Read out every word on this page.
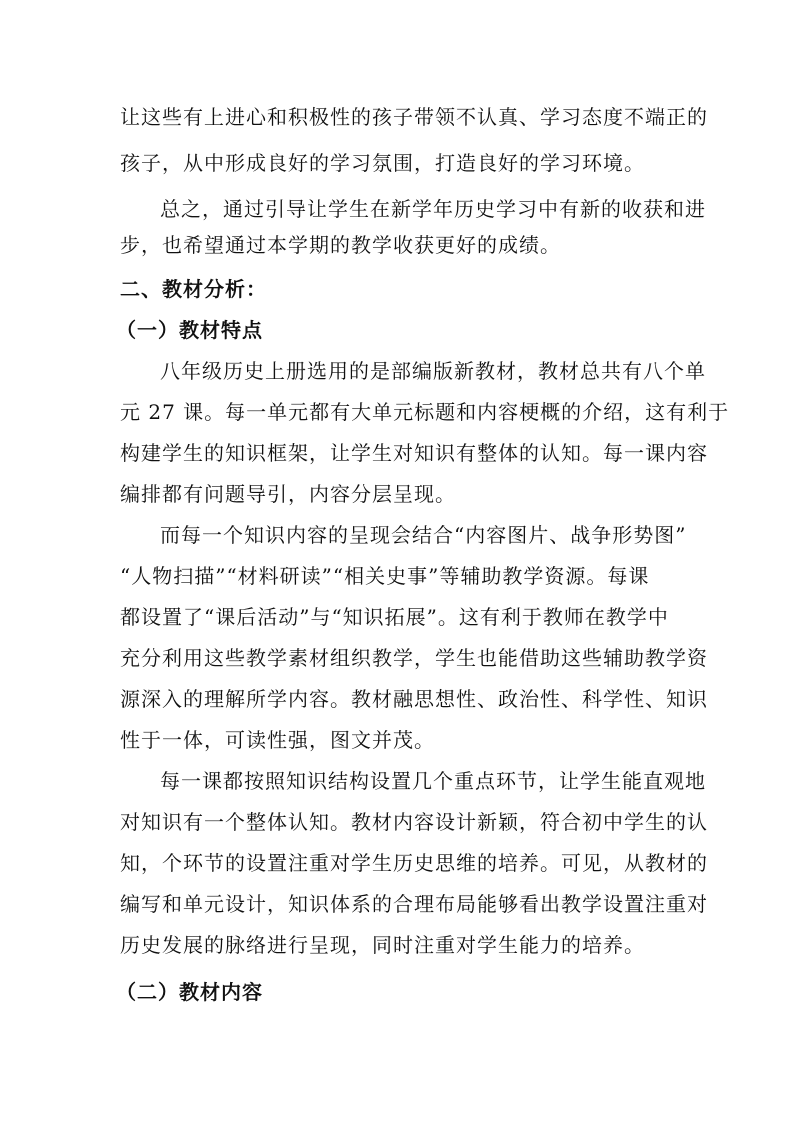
让这些有上进心和积极性的孩子带领不认真、学习态度不端正的
孩子，从中形成良好的学习氛围，打造良好的学习环境。
总之，通过引导让学生在新学年历史学习中有新的收获和进
步，也希望通过本学期的教学收获更好的成绩。
二、教材分析：
（一）教材特点
八年级历史上册选用的是部编版新教材，教材总共有八个单
元 27 课。每一单元都有大单元标题和内容梗概的介绍，这有利于
构建学生的知识框架，让学生对知识有整体的认知。每一课内容
编排都有问题导引，内容分层呈现。
而每一个知识内容的呈现会结合“内容图片、战争形势图”
“人物扫描”“材料研读”“相关史事”等辅助教学资源。每课
都设置了“课后活动”与“知识拓展”。这有利于教师在教学中
充分利用这些教学素材组织教学，学生也能借助这些辅助教学资
源深入的理解所学内容。教材融思想性、政治性、科学性、知识
性于一体，可读性强，图文并茂。
每一课都按照知识结构设置几个重点环节，让学生能直观地
对知识有一个整体认知。教材内容设计新颖，符合初中学生的认
知，个环节的设置注重对学生历史思维的培养。可见，从教材的
编写和单元设计，知识体系的合理布局能够看出教学设置注重对
历史发展的脉络进行呈现，同时注重对学生能力的培养。
（二）教材内容
